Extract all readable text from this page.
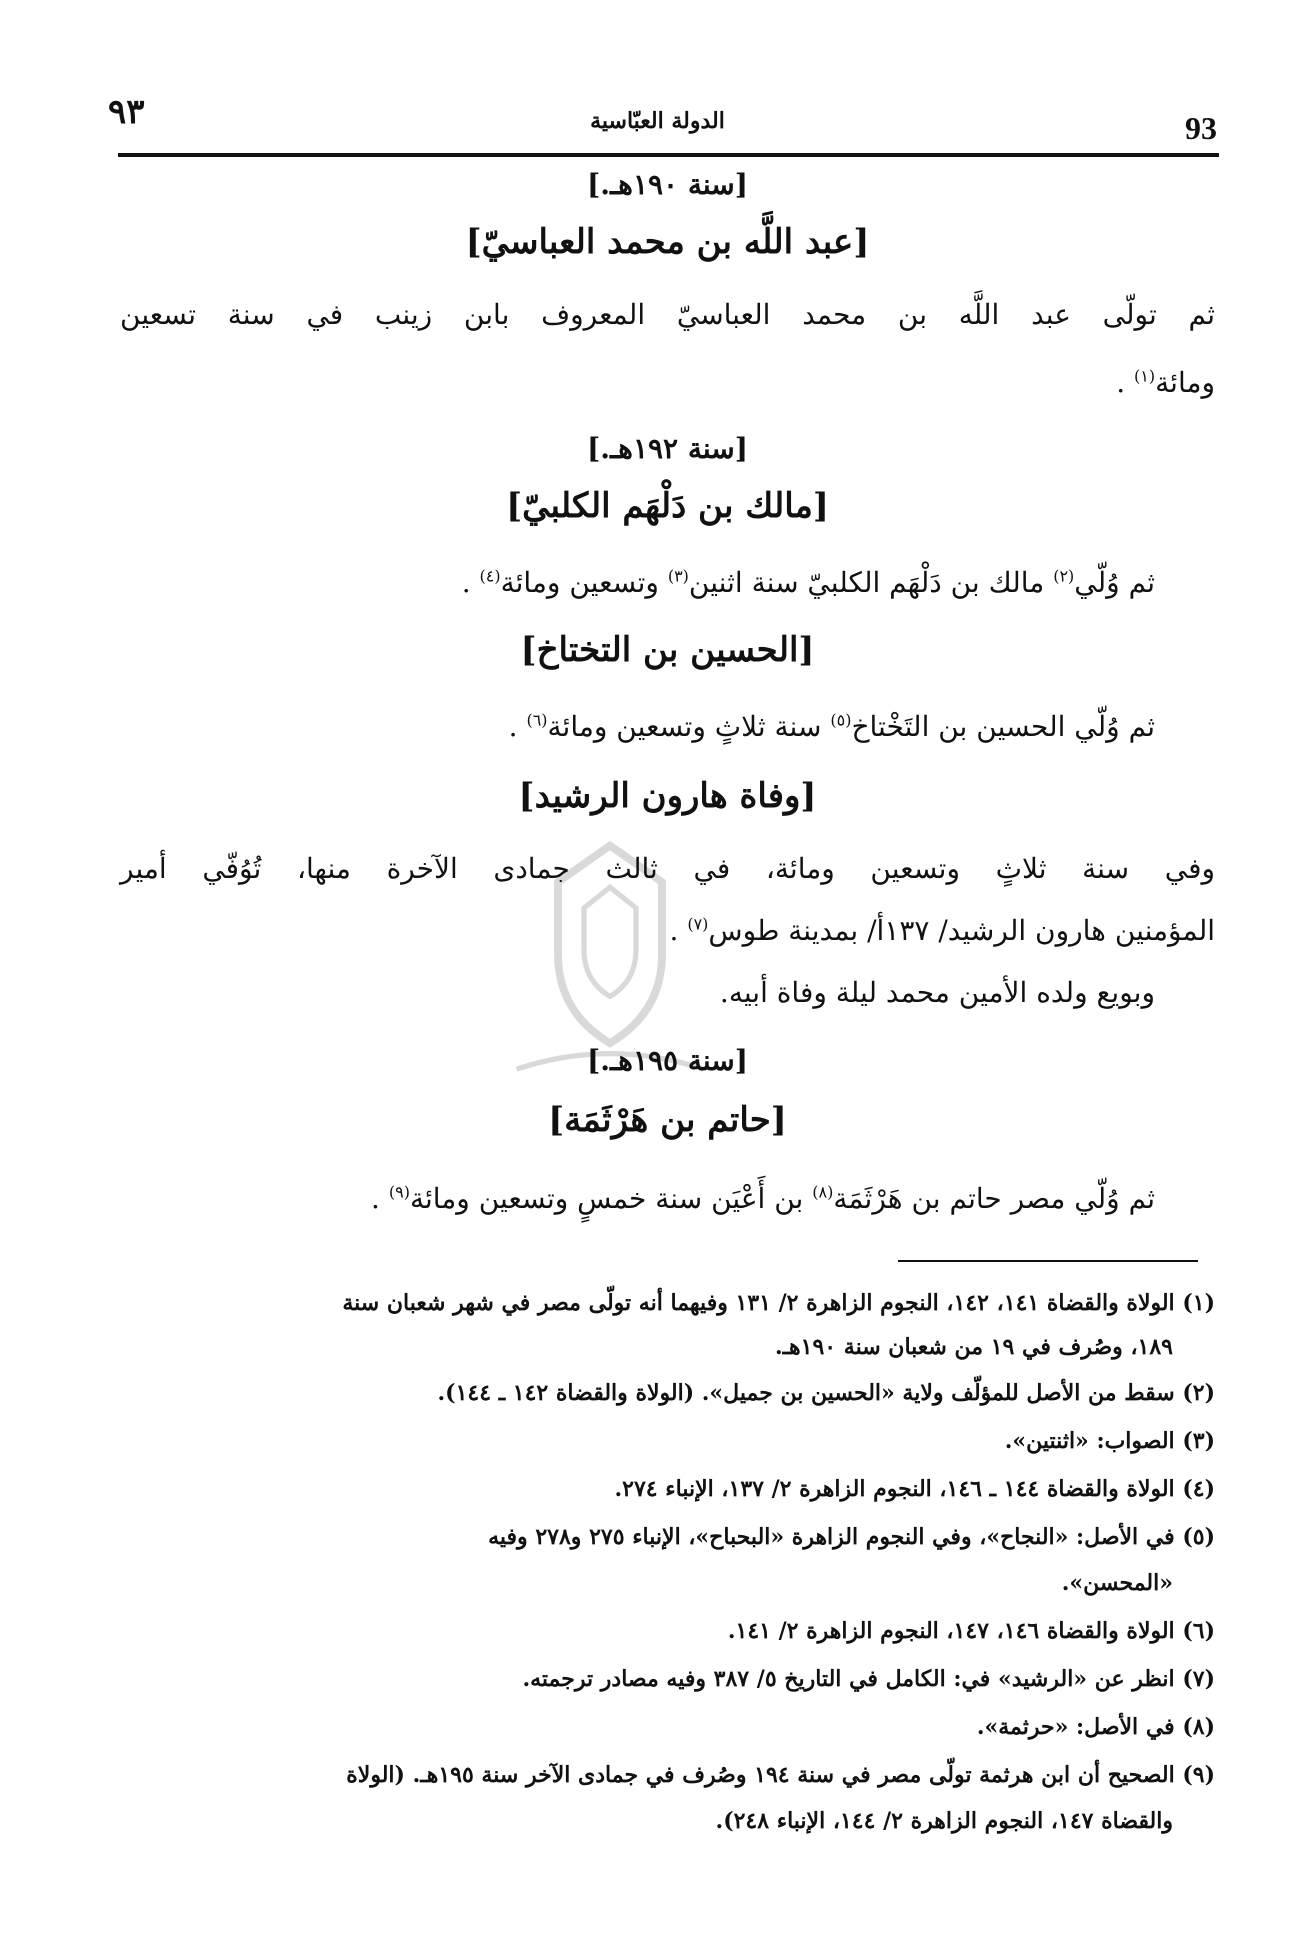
٩٣	الدولة العبّاسية	93
[سنة ١٩٠هـ.]
[عبد اللَّه بن محمد العباسيّ]
ثم تولّى عبد اللَّه بن محمد العباسيّ المعروف بابن زينب في سنة تسعين
ومائة$^{(١)}$ .
[سنة ١٩٢هـ.]
[مالك بن دَلْهَم الكلبيّ]
ثم وُلّي$^{(٢)}$ مالك بن دَلْهَم الكلبيّ سنة اثنين$^{(٣)}$ وتسعين ومائة$^{(٤)}$ .
[الحسين بن التختاخ]
ثم وُلّي الحسين بن التَخْتاخ$^{(٥)}$ سنة ثلاثٍ وتسعين ومائة$^{(٦)}$ .
[وفاة هارون الرشيد]
وفي سنة ثلاثٍ وتسعين ومائة، في ثالث جمادى الآخرة منها، تُوُفّي أمير
المؤمنين هارون الرشيد/ ١٣٧أ/ بمدينة طوس$^{(٧)}$ .
وبويع ولده الأمين محمد ليلة وفاة أبيه.
[سنة ١٩٥هـ.]
[حاتم بن هَرْثَمَة]
ثم وُلّي مصر حاتم بن هَرْثَمَة$^{(٨)}$ بن أَعْيَن سنة خمسٍ وتسعين ومائة$^{(٩)}$ .
(١) الولاة والقضاة ١٤١، ١٤٢، النجوم الزاهرة ٢/ ١٣١ وفيهما أنه تولّى مصر في شهر شعبان سنة
١٨٩، وصُرف في ١٩ من شعبان سنة ١٩٠هـ.
(٢) سقط من الأصل للمؤلّف ولاية «الحسين بن جميل». (الولاة والقضاة ١٤٢ ـ ١٤٤).
(٣) الصواب: «اثنتين».
(٤) الولاة والقضاة ١٤٤ ـ ١٤٦، النجوم الزاهرة ٢/ ١٣٧، الإنباء ٢٧٤.
(٥) في الأصل: «النجاح»، وفي النجوم الزاهرة «البحباح»، الإنباء ٢٧٥ و٢٧٨ وفيه
«المحسن».
(٦) الولاة والقضاة ١٤٦، ١٤٧، النجوم الزاهرة ٢/ ١٤١.
(٧) انظر عن «الرشيد» في: الكامل في التاريخ ٥/ ٣٨٧ وفيه مصادر ترجمته.
(٨) في الأصل: «حرثمة».
(٩) الصحيح أن ابن هرثمة تولّى مصر في سنة ١٩٤ وصُرف في جمادى الآخر سنة ١٩٥هـ. (الولاة
والقضاة ١٤٧، النجوم الزاهرة ٢/ ١٤٤، الإنباء ٢٤٨).
